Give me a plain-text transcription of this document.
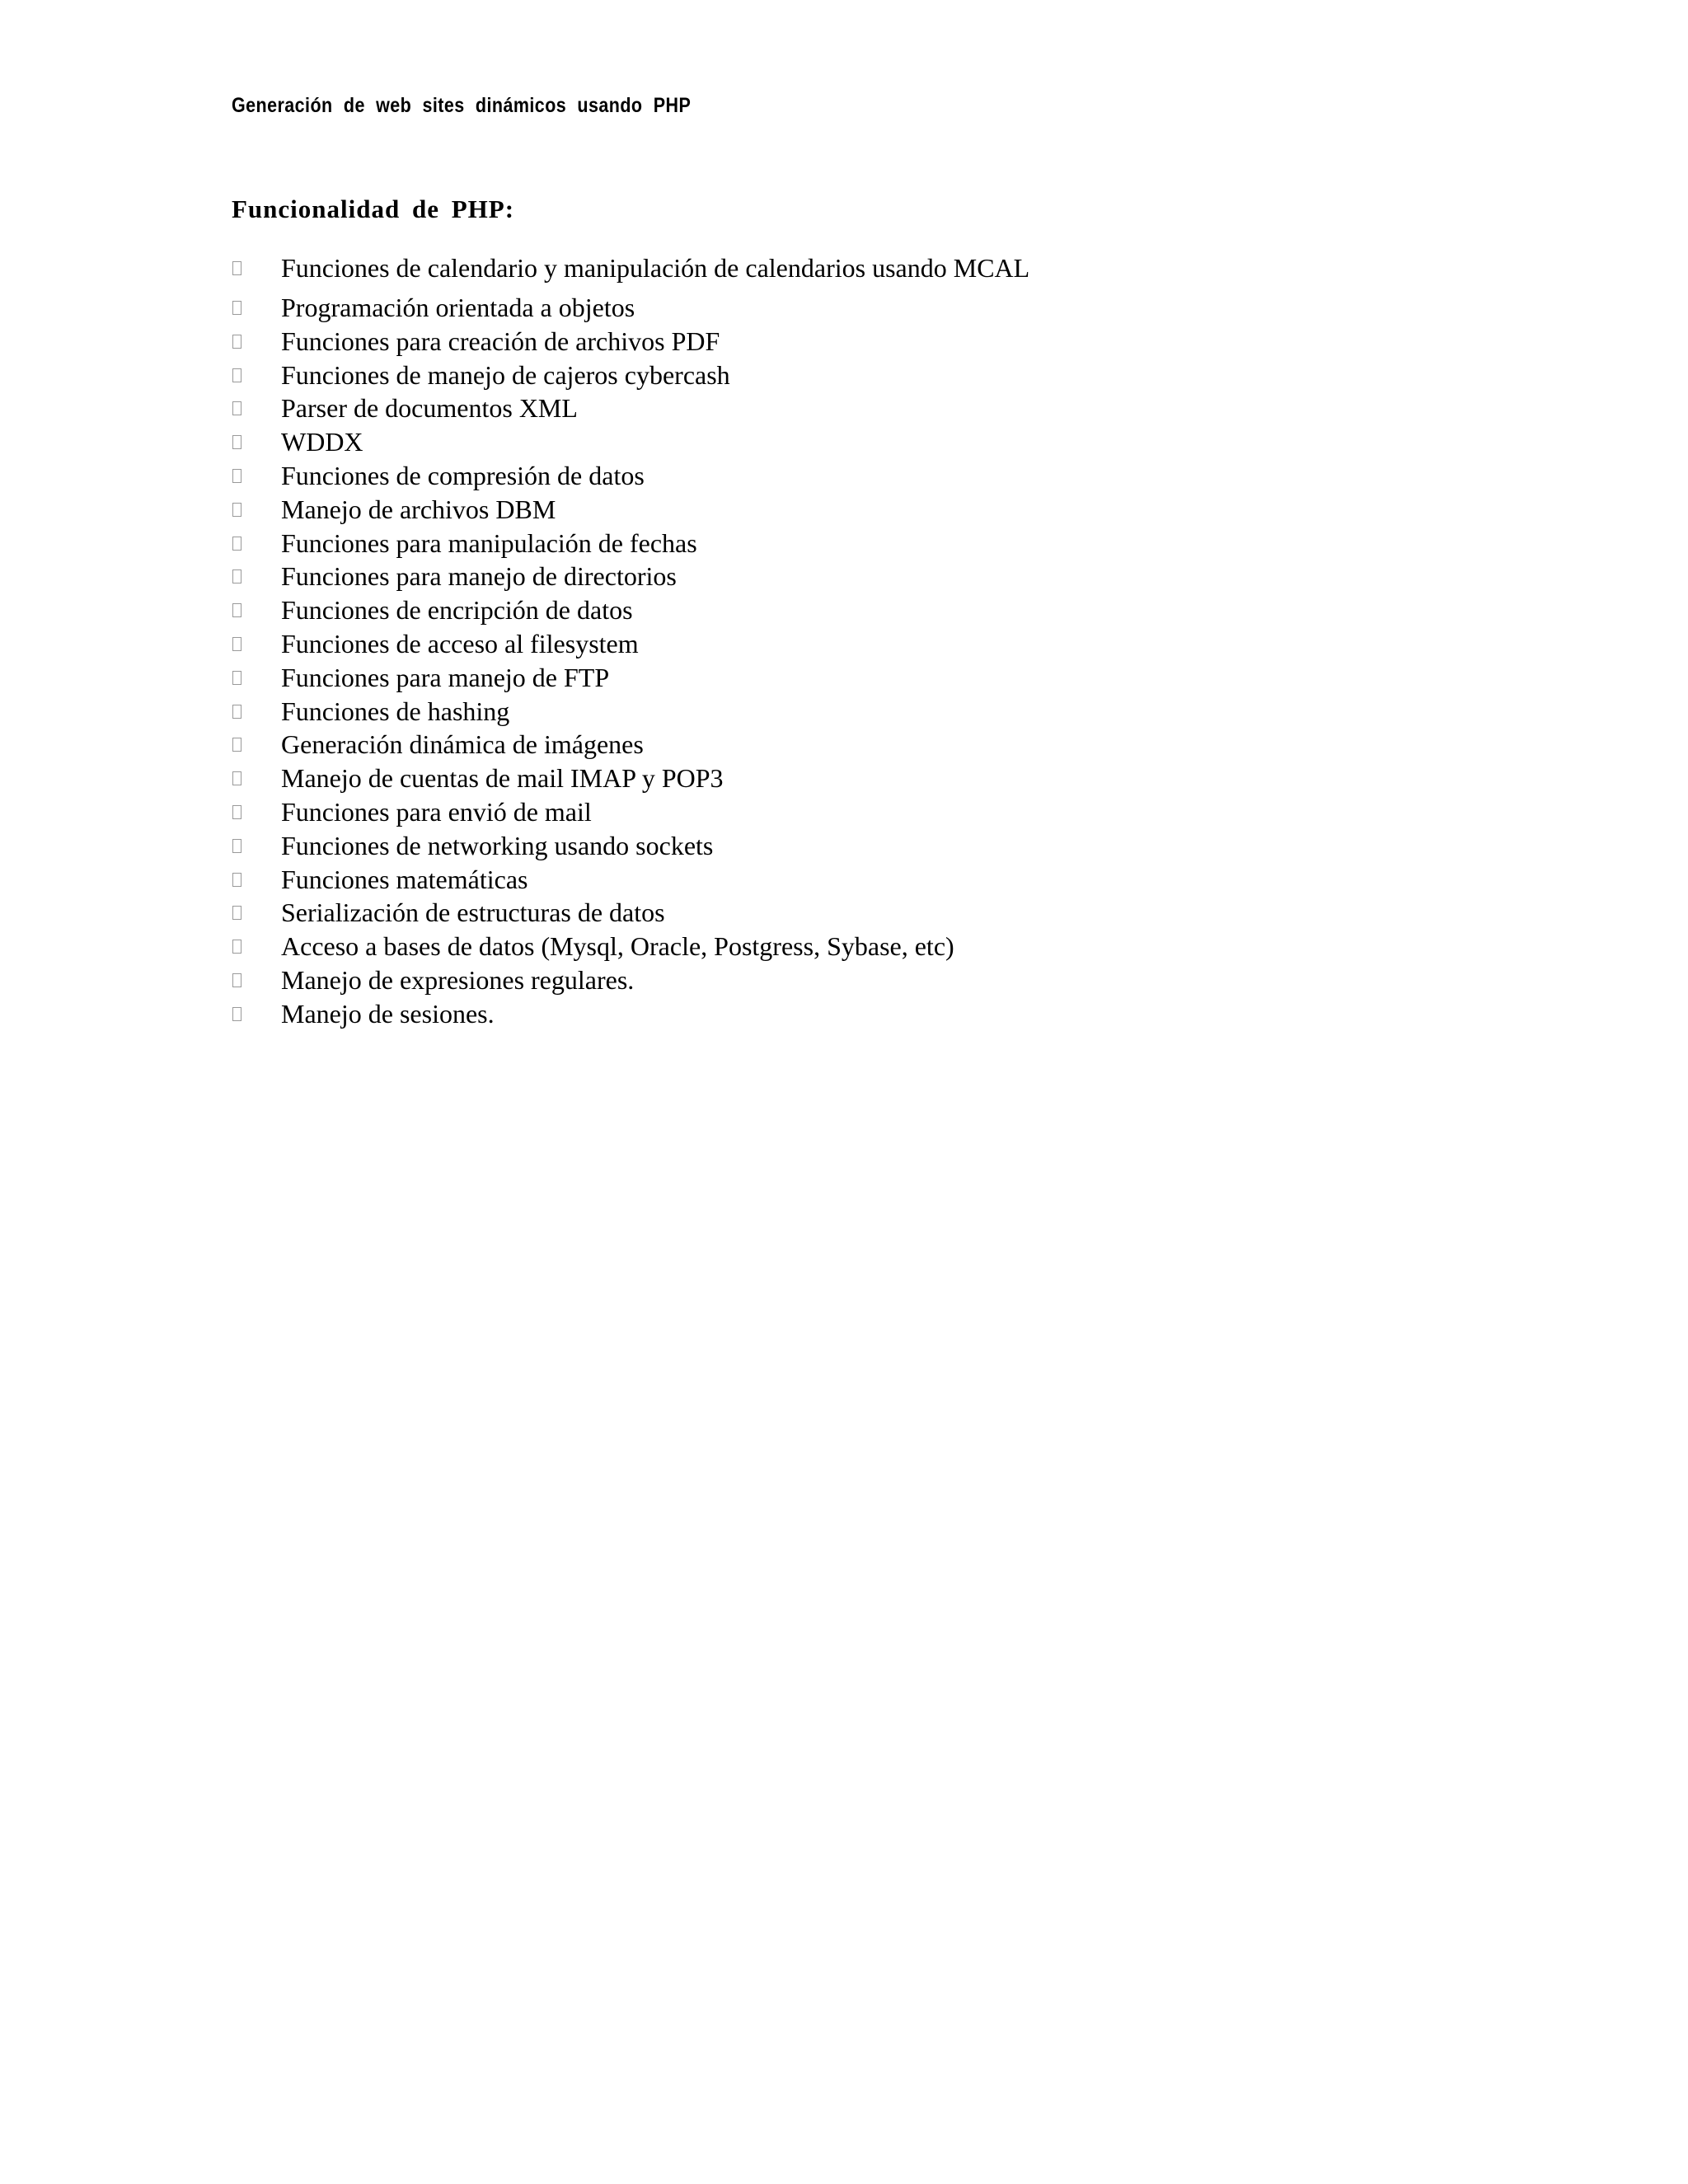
Generación de web sites dinámicos usando PHP
Funcionalidad de PHP:
Funciones de calendario y manipulación de calendarios usando MCAL
Programación orientada a objetos
Funciones para creación de archivos PDF
Funciones de manejo de cajeros cybercash
Parser de documentos XML
WDDX
Funciones de compresión de datos
Manejo de archivos DBM
Funciones para manipulación de fechas
Funciones para manejo de directorios
Funciones de encripción de datos
Funciones de acceso al filesystem
Funciones para manejo de FTP
Funciones de hashing
Generación dinámica de imágenes
Manejo de cuentas de mail IMAP y POP3
Funciones para envió de mail
Funciones de networking usando sockets
Funciones matemáticas
Serialización de estructuras de datos
Acceso a bases de datos (Mysql, Oracle, Postgress, Sybase, etc)
Manejo de expresiones regulares.
Manejo de sesiones.
